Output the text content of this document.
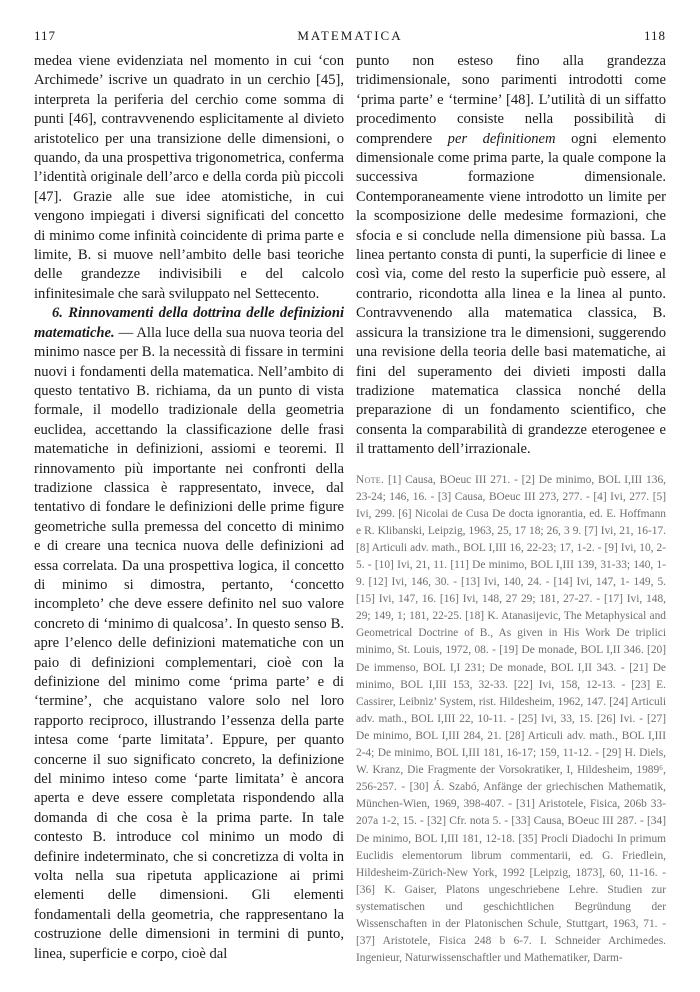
117	MATEMATICA	118

medea viene evidenziata nel momento in cui ‘con Archimede’ iscrive un quadrato in un cerchio [45], interpreta la periferia del cerchio come somma di punti [46], contravvenendo esplicitamente al divieto aristotelico per una transizione delle dimensioni, o quando, da una prospettiva trigonometrica, conferma l’identità originale dell’arco e della corda più piccoli [47]. Grazie alle sue idee atomistiche, in cui vengono impiegati i diversi significati del concetto di minimo come infinità coincidente di prima parte e limite, B. si muove nell’ambito delle basi teoriche delle grandezze indivisibili e del calcolo infinitesimale che sarà sviluppato nel Settecento.

6. Rinnovamenti della dottrina delle definizioni matematiche. — Alla luce della sua nuova teoria del minimo nasce per B. la necessità di fissare in termini nuovi i fondamenti della matematica. Nell’ambito di questo tentativo B. richiama, da un punto di vista formale, il modello tradizionale della geometria euclidea, accettando la classificazione delle frasi matematiche in definizioni, assiomi e teoremi. Il rinnovamento più importante nei confronti della tradizione classica è rappresentato, invece, dal tentativo di fondare le definizioni delle prime figure geometriche sulla premessa del concetto di minimo e di creare una tecnica nuova delle definizioni ad essa correlata. Da una prospettiva logica, il concetto di minimo si dimostra, pertanto, ‘concetto incompleto’ che deve essere definito nel suo valore concreto di ‘minimo di qualcosa’. In questo senso B. apre l’elenco delle definizioni matematiche con un paio di definizioni complementari, cioè con la definizione del minimo come ‘prima parte’ e di ‘termine’, che acquistano valore solo nel loro rapporto reciproco, illustrando l’essenza della parte intesa come ‘parte limitata’. Eppure, per quanto concerne il suo significato concreto, la definizione del minimo inteso come ‘parte limitata’ è ancora aperta e deve essere completata rispondendo alla domanda di che cosa è la prima parte. In tale contesto B. introduce col minimo un modo di definire indeterminato, che si concretizza di volta in volta nella sua ripetuta applicazione ai primi elementi delle dimensioni. Gli elementi fondamentali della geometria, che rappresentano la costruzione delle dimensioni in termini di punto, linea, superficie e corpo, cioè dal

punto non esteso fino alla grandezza tridimensionale, sono parimenti introdotti come ‘prima parte’ e ‘termine’ [48]. L’utilità di un siffatto procedimento consiste nella possibilità di comprendere per definitionem ogni elemento dimensionale come prima parte, la quale compone la successiva formazione dimensionale. Contemporaneamente viene introdotto un limite per la scomposizione delle medesime formazioni, che sfocia e si conclude nella dimensione più bassa. La linea pertanto consta di punti, la superficie di linee e così via, come del resto la superficie può essere, al contrario, ricondotta alla linea e la linea al punto. Contravvenendo alla matematica classica, B. assicura la transizione tra le dimensioni, suggerendo una revisione della teoria delle basi matematiche, ai fini del superamento dei divieti imposti dalla tradizione matematica classica nonché della preparazione di un fondamento scientifico, che consenta la comparabilità di grandezze eterogenee e il trattamento dell’irrazionale.

Note. [1] Causa, BOeuc III 271. - [2] De minimo, BOL I,III 136, 23-24; 146, 16. - [3] Causa, BOeuc III 273, 277. - [4] Ivi, 277. [5] Ivi, 299. [6] Nicolai de Cusa De docta ignorantia, ed. E. Hoffmann e R. Klibanski, Leipzig, 1963, 25, 17 18; 26, 3 9. [7] Ivi, 21, 16-17. [8] Articuli adv. math., BOL I,III 16, 22-23; 17, 1-2. - [9] Ivi, 10, 2-5. - [10] Ivi, 21, 11. [11] De minimo, BOL I,III 139, 31-33; 140, 1-9. [12] Ivi, 146, 30. - [13] Ivi, 140, 24. - [14] Ivi, 147, 1- 149, 5. [15] Ivi, 147, 16. [16] Ivi, 148, 27 29; 181, 27-27. - [17] Ivi, 148, 29; 149, 1; 181, 22-25. [18] K. Atanasijevic, The Metaphysical and Geometrical Doctrine of B., As given in His Work De triplici minimo, St. Louis, 1972, 08. - [19] De monade, BOL I,II 346. [20] De immenso, BOL I,I 231; De monade, BOL I,II 343. - [21] De minimo, BOL I,III 153, 32-33. [22] Ivi, 158, 12-13. - [23] E. Cassirer, Leibniz’ System, rist. Hildesheim, 1962, 147. [24] Articuli adv. math., BOL I,III 22, 10-11. - [25] Ivi, 33, 15. [26] Ivi. - [27] De minimo, BOL I,III 284, 21. [28] Articuli adv. math., BOL I,III 2-4; De minimo, BOL I,III 181, 16-17; 159, 11-12. - [29] H. Diels, W. Kranz, Die Fragmente der Vorsokratiker, I, Hildesheim, 1989⁶, 256-257. - [30] Á. Szabó, Anfänge der griechischen Mathematik, München-Wien, 1969, 398-407. - [31] Aristotele, Fisica, 206b 33-207a 1-2, 15. - [32] Cfr. nota 5. - [33] Causa, BOeuc III 287. - [34] De minimo, BOL I,III 181, 12-18. [35] Procli Diadochi In primum Euclidis elementorum librum commentarii, ed. G. Friedlein, Hildesheim-Zürich-New York, 1992 [Leipzig, 1873], 60, 11-16. - [36] K. Gaiser, Platons ungeschriebene Lehre. Studien zur systematischen und geschichtlichen Begründung der Wissenschaften in der Platonischen Schule, Stuttgart, 1963, 71. - [37] Aristotele, Fisica 248 b 6-7. I. Schneider Archimedes. Ingenieur, Naturwissenschaftler und Mathematiker, Darm-
